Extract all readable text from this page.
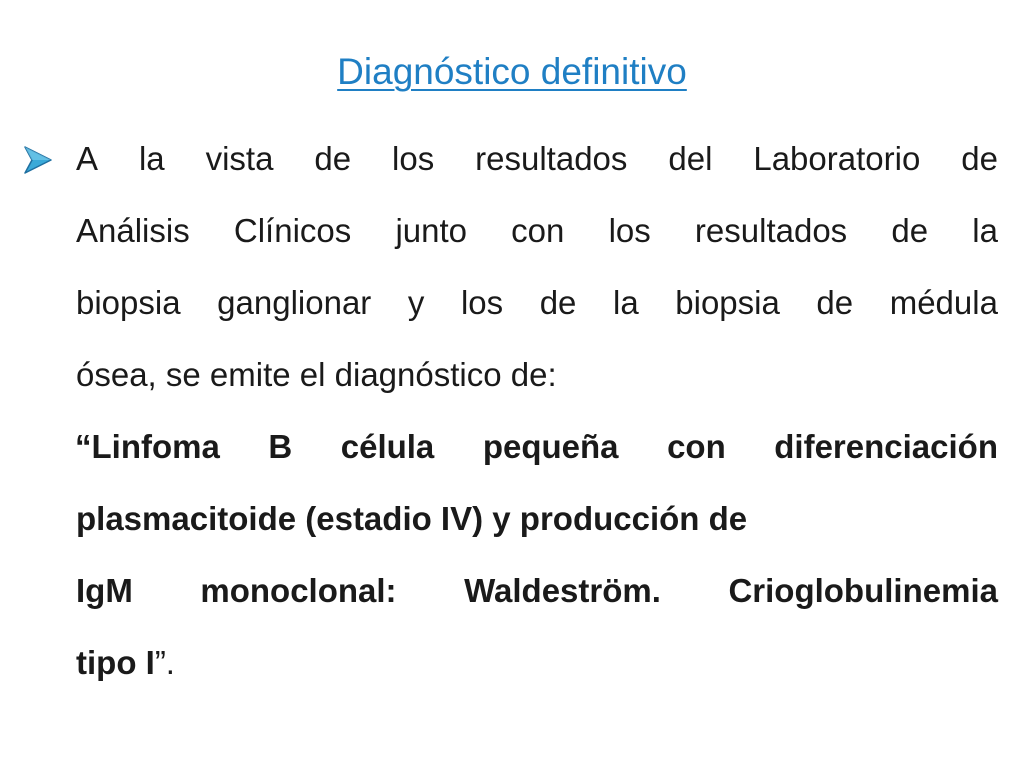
Diagnóstico definitivo
A la vista de los resultados del Laboratorio de
Análisis Clínicos junto con los resultados de la
biopsia ganglionar y los de la biopsia de médula
ósea, se emite el diagnóstico de:
“Linfoma B célula pequeña con diferenciación
plasmacitoide (estadio IV) y producción de
IgM monoclonal: Waldeström. Crioglobulinemia
tipo I ”.
